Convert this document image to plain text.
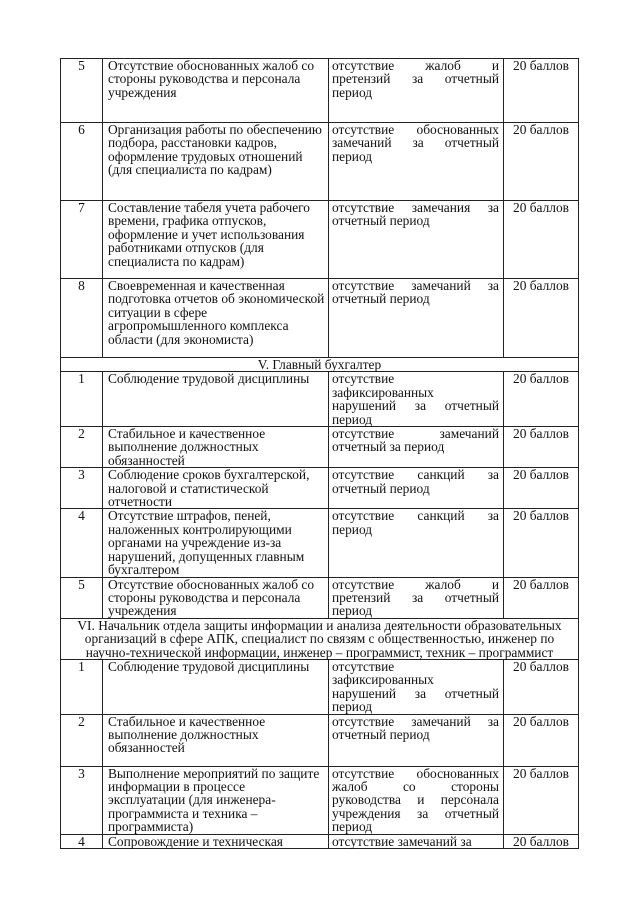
5	Отсутствие обоснованных жалоб со стороны руководства и персонала учреждения	отсутствие жалоб и претензий за отчетный период	20 баллов
6	Организация работы по обеспечению подбора, расстановки кадров, оформление трудовых отношений (для специалиста по кадрам)	отсутствие обоснованных замечаний за отчетный период	20 баллов
7	Составление табеля учета рабочего времени, графика отпусков, оформление и учет использования работниками отпусков (для специалиста по кадрам)	отсутствие замечания за отчетный период	20 баллов
8	Своевременная и качественная подготовка отчетов об экономической ситуации в сфере агропромышленного комплекса области (для экономиста)	отсутствие замечаний за отчетный период	20 баллов
V. Главный бухгалтер			
1	Соблюдение трудовой дисциплины	отсутствие зафиксированных нарушений за отчетный период	20 баллов
2	Стабильное и качественное выполнение должностных обязанностей	отсутствие замечаний отчетный за период	20 баллов
3	Соблюдение сроков бухгалтерской, налоговой и статистической отчетности	отсутствие санкций за отчетный период	20 баллов
4	Отсутствие штрафов, пеней, наложенных контролирующими органами на учреждение из-за нарушений, допущенных главным бухгалтером	отсутствие санкций за период	20 баллов
5	Отсутствие обоснованных жалоб со стороны руководства и персонала учреждения	отсутствие жалоб и претензий за отчетный период	20 баллов
VI. Начальник отдела защиты информации и анализа деятельности образовательных организаций в сфере АПК, специалист по связям с общественностью, инженер по научно-технической информации, инженер – программист, техник – программист			
1	Соблюдение трудовой дисциплины	отсутствие зафиксированных нарушений за отчетный период	20 баллов
2	Стабильное и качественное выполнение должностных обязанностей	отсутствие замечаний за отчетный период	20 баллов
3	Выполнение мероприятий по защите информации в процессе эксплуатации (для инженера-программиста и техника – программиста)	отсутствие обоснованных жалоб со стороны руководства и персонала учреждения за отчетный период	20 баллов
4	Сопровождение и техническая	отсутствие замечаний за	20 баллов
